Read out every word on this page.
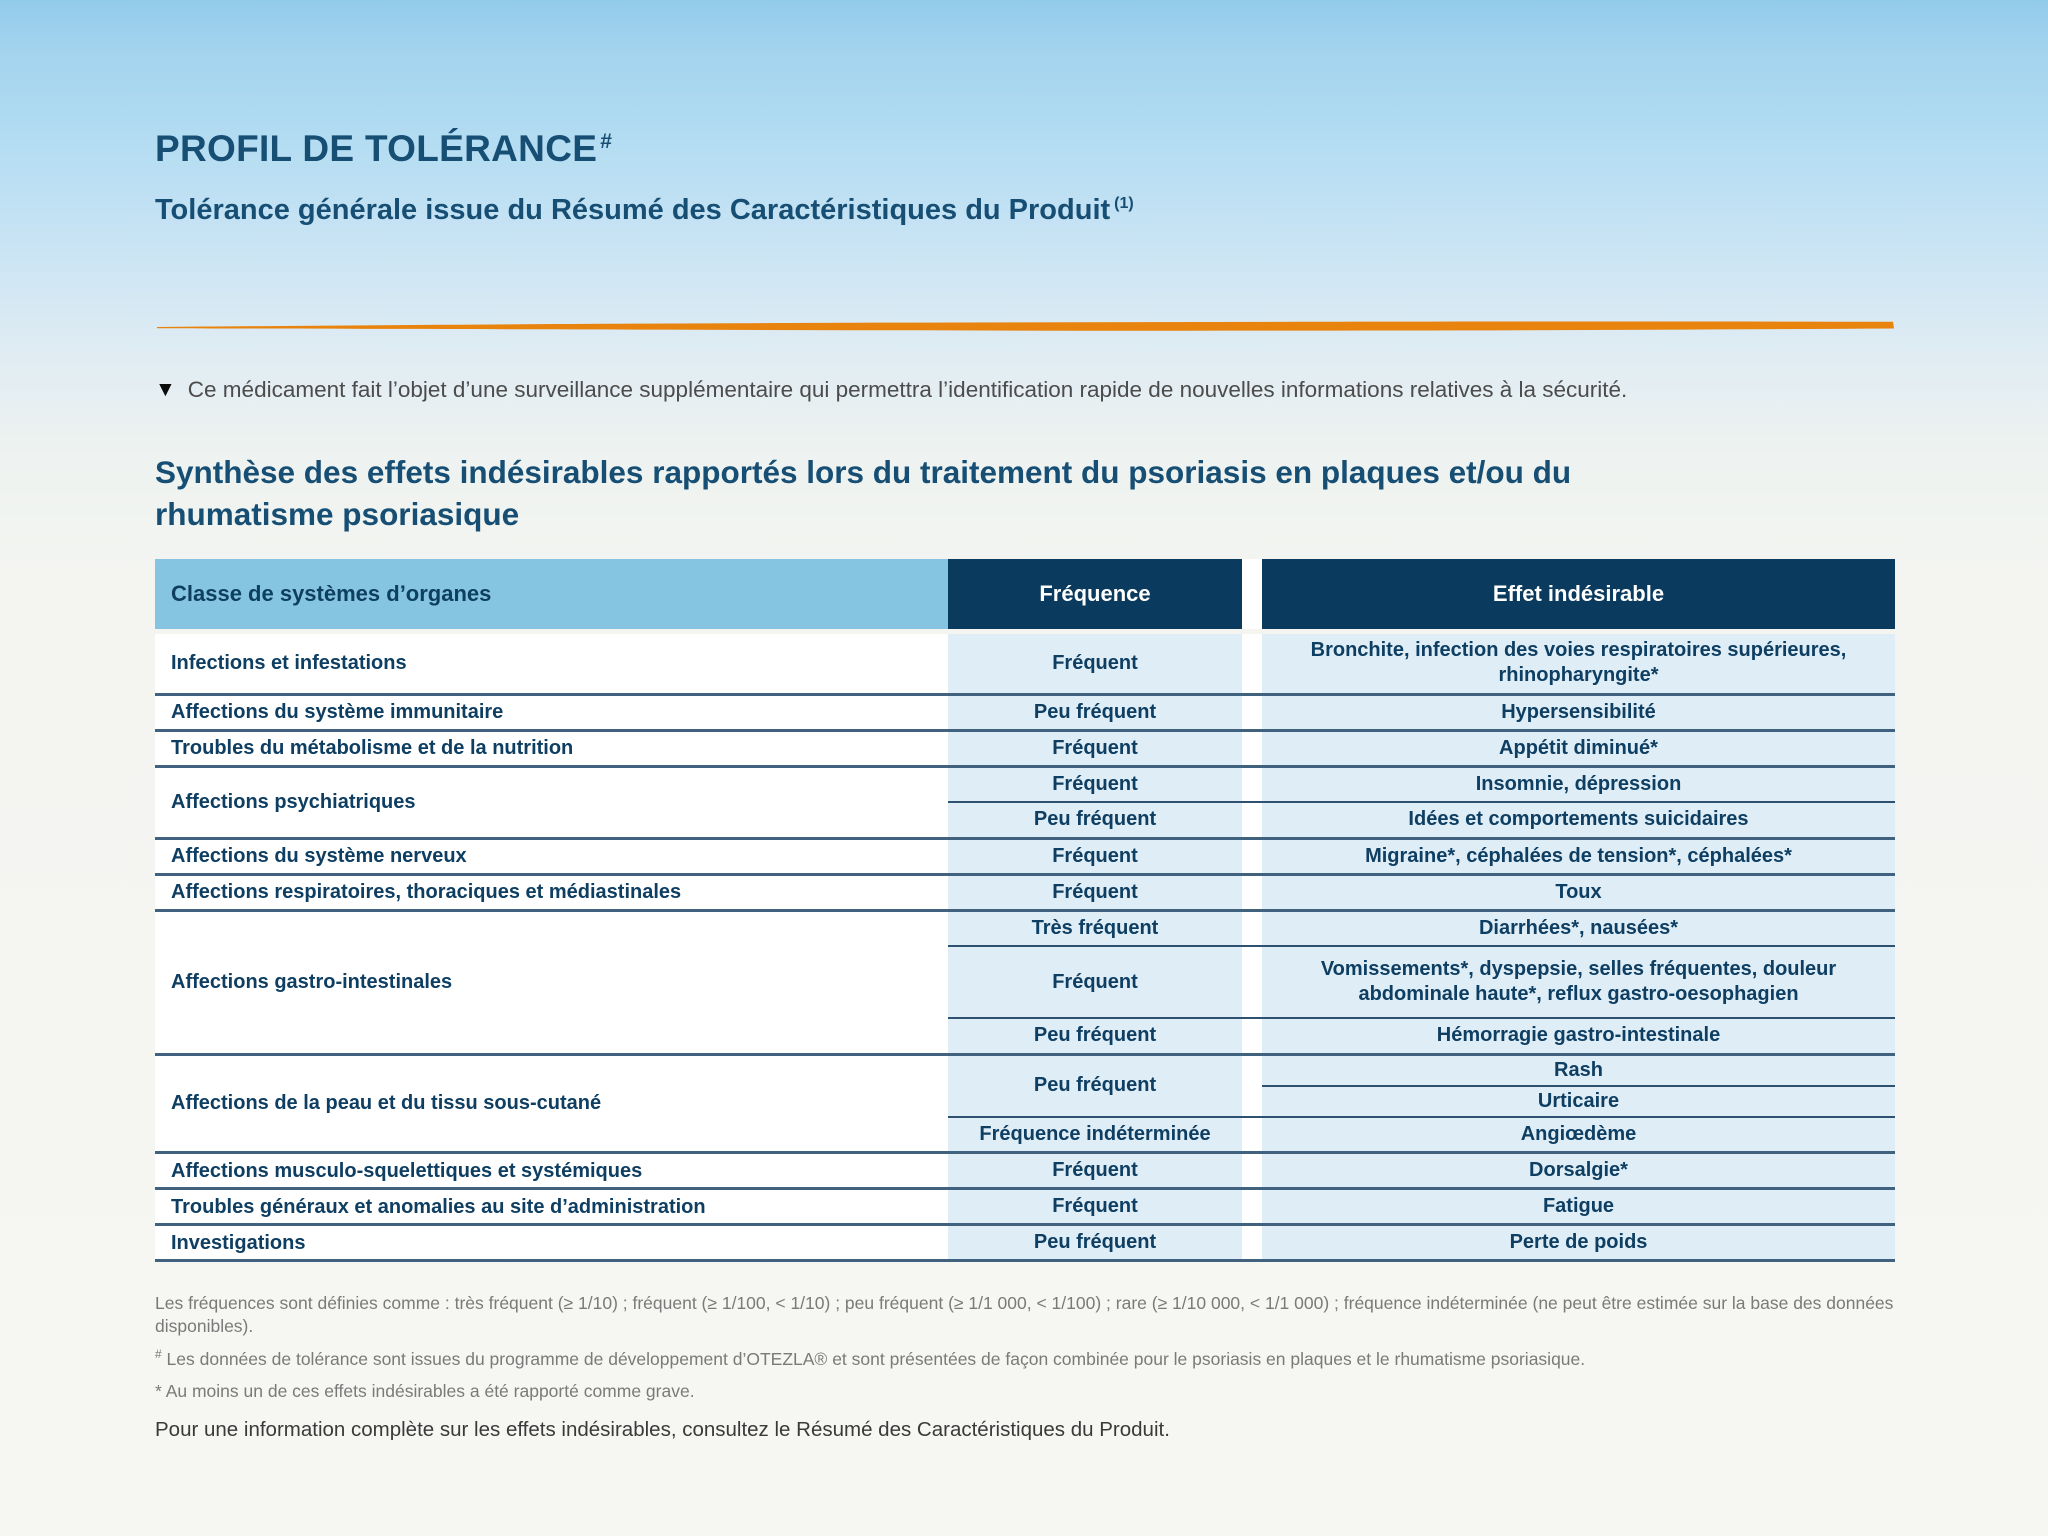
PROFIL DE TOLÉRANCE #
Tolérance générale issue du Résumé des Caractéristiques du Produit $^{(1)}$
▼ Ce médicament fait l’objet d’une surveillance supplémentaire qui permettra l’identification rapide de nouvelles informations relatives à la sécurité.
Synthèse des effets indésirables rapportés lors du traitement du psoriasis en plaques et/ou du rhumatisme psoriasique
Classe de systèmes d’organes	Fréquence		Effet indésirable

Infections et infestations	Fréquent		Bronchite, infection des voies respiratoires supérieures, rhinopharyngite*
Affections du système immunitaire	Peu fréquent		Hypersensibilité
Troubles du métabolisme et de la nutrition	Fréquent		Appétit diminué*
Affections psychiatriques	Fréquent		Insomnie, dépression
	Peu fréquent		Idées et comportements suicidaires
Affections du système nerveux	Fréquent		Migraine*, céphalées de tension*, céphalées*
Affections respiratoires, thoraciques et médiastinales	Fréquent		Toux
Affections gastro-intestinales	Très fréquent		Diarrhées*, nausées*
	Fréquent		Vomissements*, dyspepsie, selles fréquentes, douleur abdominale haute*, reflux gastro-oesophagien
	Peu fréquent		Hémorragie gastro-intestinale
Affections de la peau et du tissu sous-cutané	Peu fréquent		Rash
			Urticaire
	Fréquence indéterminée		Angiœdème
Affections musculo-squelettiques et systémiques	Fréquent		Dorsalgie*
Troubles généraux et anomalies au site d’administration	Fréquent		Fatigue
Investigations	Peu fréquent		Perte de poids

Les fréquences sont définies comme : très fréquent (≥ 1/10) ; fréquent (≥ 1/100, < 1/10) ; peu fréquent (≥ 1/1 000, < 1/100) ; rare (≥ 1/10 000, < 1/1 000) ; fréquence indéterminée (ne peut être estimée sur la base des données disponibles).

# Les données de tolérance sont issues du programme de développement d’OTEZLA® et sont présentées de façon combinée pour le psoriasis en plaques et le rhumatisme psoriasique.

* Au moins un de ces effets indésirables a été rapporté comme grave.

Pour une information complète sur les effets indésirables, consultez le Résumé des Caractéristiques du Produit.
